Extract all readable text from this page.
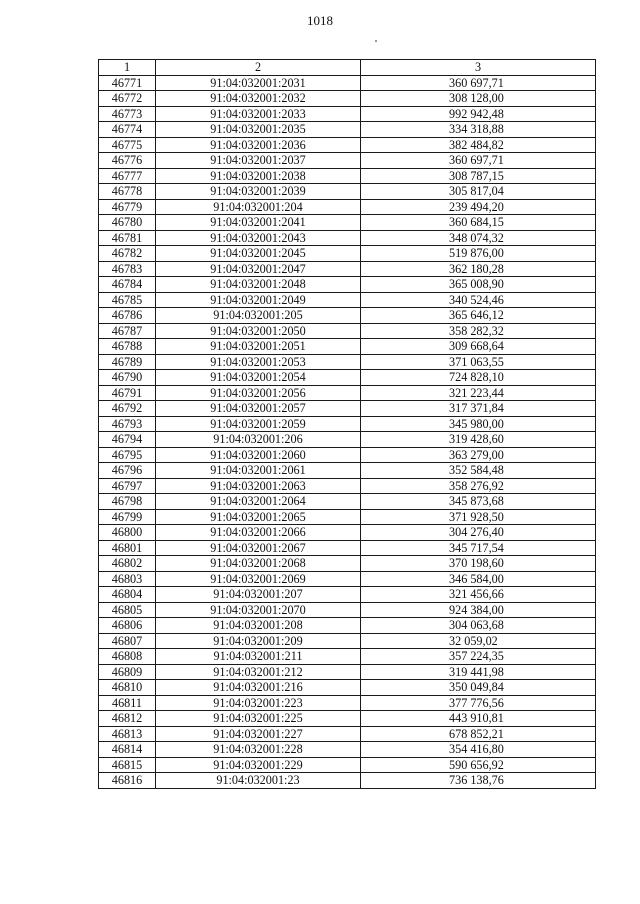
1018
1	2	3
46771	91:04:032001:2031	360 697,71
46772	91:04:032001:2032	308 128,00
46773	91:04:032001:2033	992 942,48
46774	91:04:032001:2035	334 318,88
46775	91:04:032001:2036	382 484,82
46776	91:04:032001:2037	360 697,71
46777	91:04:032001:2038	308 787,15
46778	91:04:032001:2039	305 817,04
46779	91:04:032001:204	239 494,20
46780	91:04:032001:2041	360 684,15
46781	91:04:032001:2043	348 074,32
46782	91:04:032001:2045	519 876,00
46783	91:04:032001:2047	362 180,28
46784	91:04:032001:2048	365 008,90
46785	91:04:032001:2049	340 524,46
46786	91:04:032001:205	365 646,12
46787	91:04:032001:2050	358 282,32
46788	91:04:032001:2051	309 668,64
46789	91:04:032001:2053	371 063,55
46790	91:04:032001:2054	724 828,10
46791	91:04:032001:2056	321 223,44
46792	91:04:032001:2057	317 371,84
46793	91:04:032001:2059	345 980,00
46794	91:04:032001:206	319 428,60
46795	91:04:032001:2060	363 279,00
46796	91:04:032001:2061	352 584,48
46797	91:04:032001:2063	358 276,92
46798	91:04:032001:2064	345 873,68
46799	91:04:032001:2065	371 928,50
46800	91:04:032001:2066	304 276,40
46801	91:04:032001:2067	345 717,54
46802	91:04:032001:2068	370 198,60
46803	91:04:032001:2069	346 584,00
46804	91:04:032001:207	321 456,66
46805	91:04:032001:2070	924 384,00
46806	91:04:032001:208	304 063,68
46807	91:04:032001:209	32 059,02
46808	91:04:032001:211	357 224,35
46809	91:04:032001:212	319 441,98
46810	91:04:032001:216	350 049,84
46811	91:04:032001:223	377 776,56
46812	91:04:032001:225	443 910,81
46813	91:04:032001:227	678 852,21
46814	91:04:032001:228	354 416,80
46815	91:04:032001:229	590 656,92
46816	91:04:032001:23	736 138,76
